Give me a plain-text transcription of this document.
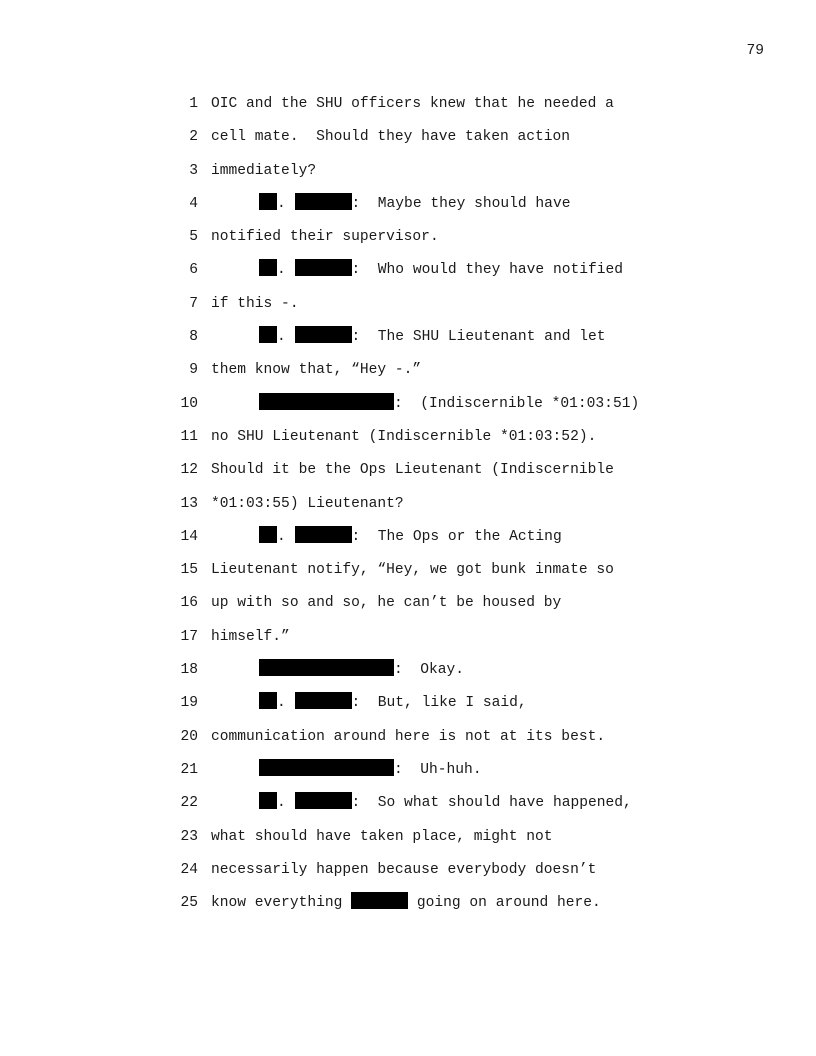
79
1 OIC and the SHU officers knew that he needed a
2 cell mate.  Should they have taken action
3 immediately?
4	.	:  Maybe they should have
5 notified their supervisor.
6	.	:  Who would they have notified
7 if this -.
8	.	:  The SHU Lieutenant and let
9 them know that, “Hey -.”
10	:  (Indiscernible *01:03:51)
11 no SHU Lieutenant (Indiscernible *01:03:52).
12 Should it be the Ops Lieutenant (Indiscernible
13 *01:03:55) Lieutenant?
14	.	:  The Ops or the Acting
15 Lieutenant notify, “Hey, we got bunk inmate so
16 up with so and so, he can’t be housed by
17 himself.”
18	:  Okay.
19	.	:  But, like I said,
20 communication around here is not at its best.
21	:  Uh-huh.
22	.	:  So what should have happened,
23 what should have taken place, might not
24 necessarily happen because everybody doesn’t
25 know everything	going on around here.
